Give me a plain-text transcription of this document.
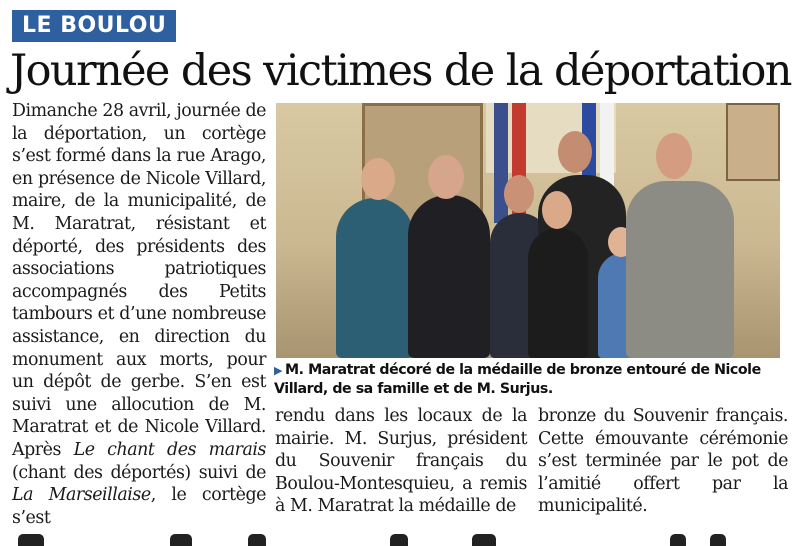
LE BOULOU
Journée des victimes de la déportation
Dimanche 28 avril, journée de la déportation, un cortège s’est formé dans la rue Arago, en présence de Nicole Villard, maire, de la municipalité, de M. Maratrat, résistant et déporté, des présidents des associations patriotiques accompagnés des Petits tambours et d’une nombreuse assistance, en direction du monument aux morts, pour un dépôt de gerbe. S’en est suivi une allocution de M. Maratrat et de Nicole Villard. Après Le chant des marais (chant des déportés) suivi de La Marseillaise, le cortège s’est
▶ M. Maratrat décoré de la médaille de bronze entouré de Nicole Villard, de sa famille et de M. Surjus.
rendu dans les locaux de la mairie. M. Surjus, président du Souvenir français du Boulou-Montesquieu, a remis à M. Maratrat la médaille de
bronze du Souvenir français. Cette émouvante cérémonie s’est terminée par le pot de l’amitié offert par la municipalité.
